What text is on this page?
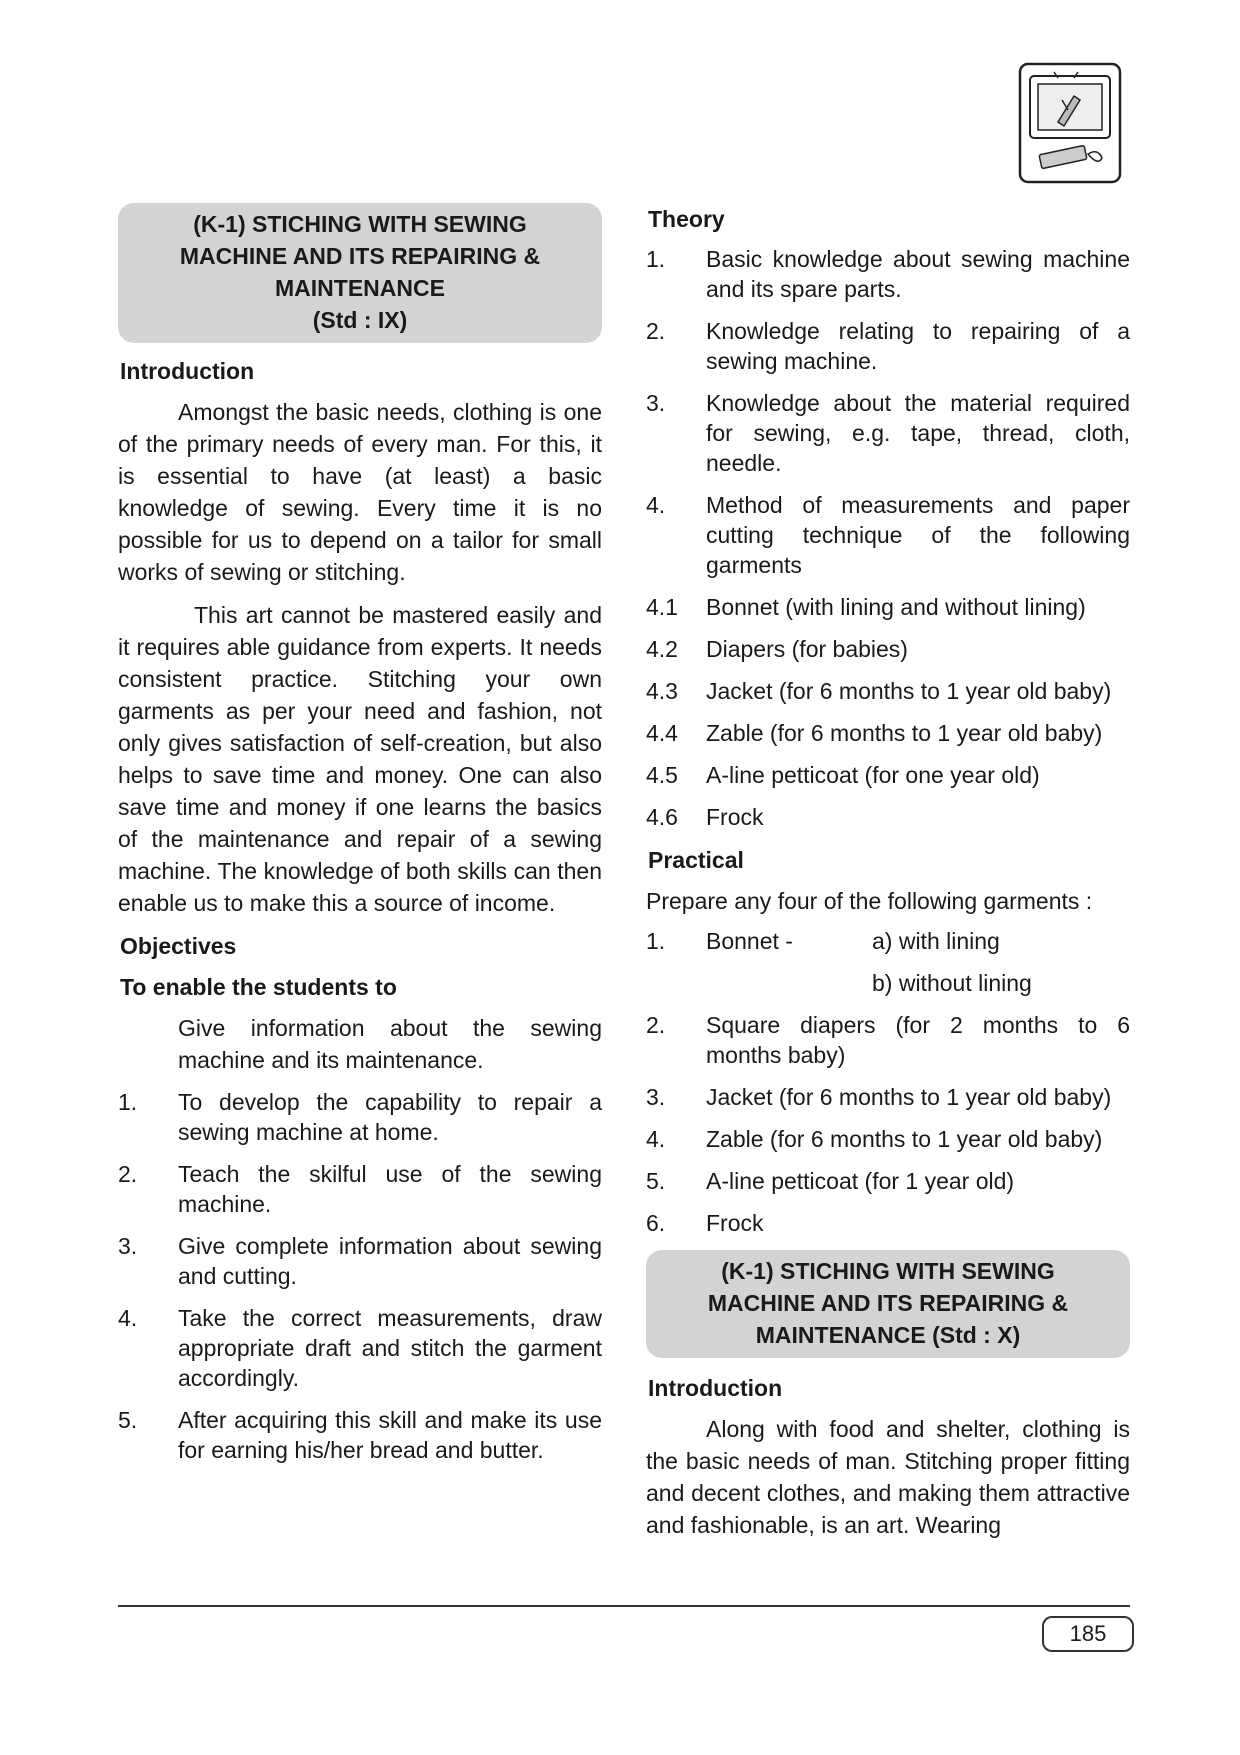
(K-1) STICHING WITH SEWING
MACHINE AND ITS REPAIRING &
MAINTENANCE
(Std : IX)
Introduction

Amongst the basic needs, clothing is one of the primary needs of every man. For this, it is essential to have (at least) a basic knowledge of sewing. Every time it is no possible for us to depend on a tailor for small works of sewing or stitching.

This art cannot be mastered easily and it requires able guidance from experts. It needs consistent practice. Stitching your own garments as per your need and fashion, not only gives satisfaction of self-creation, but also helps to save time and money. One can also save time and money if one learns the basics of the maintenance and repair of a sewing machine. The knowledge of both skills can then enable us to make this a source of income.

Objectives
To enable the students to

Give information about the sewing machine and its maintenance.

1.	To develop the capability to repair a sewing machine at home.
2.	Teach the skilful use of the sewing machine.
3.	Give complete information about sewing and cutting.
4.	Take the correct measurements, draw appropriate draft and stitch the garment accordingly.
5.	After acquiring this skill and make its use for earning his/her bread and butter.
Theory
1.	Basic knowledge about sewing machine and its spare parts.
2.	Knowledge relating to repairing of a sewing machine.
3.	Knowledge about the material required for sewing, e.g. tape, thread, cloth, needle.
4.	Method of measurements and paper cutting technique of the following garments
4.1	Bonnet (with lining and without lining)
4.2	Diapers (for babies)
4.3	Jacket (for 6 months to 1 year old baby)
4.4	Zable (for 6 months to 1 year old baby)
4.5	A-line petticoat (for one year old)
4.6	Frock
Practical

Prepare any four of the following garments :

1.	Bonnet -	a) with lining
b) without lining
2.	Square diapers (for 2 months to 6 months baby)
3.	Jacket (for 6 months to 1 year old baby)
4.	Zable (for 6 months to 1 year old baby)
5.	A-line petticoat (for 1 year old)
6.	Frock
(K-1) STICHING WITH SEWING
MACHINE AND ITS REPAIRING &
MAINTENANCE (Std : X)
Introduction

Along with food and shelter, clothing is the basic needs of man. Stitching proper fitting and decent clothes, and making them attractive and fashionable, is an art. Wearing

185
